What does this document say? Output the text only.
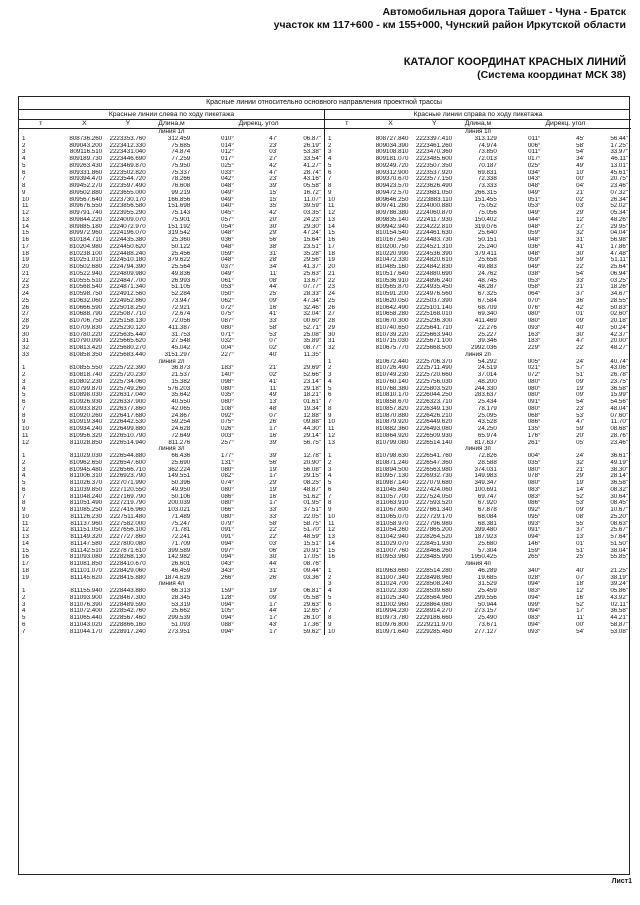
Автомобильная дорога Тайшет - Чуна - Братск
участок км 117+600 - км 155+000, Чунский район Иркутской области
КАТАЛОГ КООРДИНАТ КРАСНЫХ ЛИНИЙ
(Система координат МСК 38)
Красные линии относительно основного направления проектной трассы
Красные линии слева по ходу пикетажа						
т	X	Y	Длина,м	Дирекц. угол		
линия 1л						
1	808736.260	2223353.760	312.459	010°	47'	06.87"
2	809043.200	2223412.330	75.685	014°	23'	26.19"
3	809116.510	2223431.040	74.874	012°	03'	53.38"
4	809189.730	2223446.690	77.259	017°	27'	33.54"
5	809263.430	2223469.870	75.950	025°	42'	41.27"
6	809331.860	2223502.820	75.337	033°	47'	28.74"
7	809394.470	2223544.720	78.266	042°	23'	43.16"
8	809452.270	2223597.490	76.608	048°	39'	05.58"
9	809502.880	2223655.000	99.219	049°	15'	16.72"
10	809567.640	2223730.170	166.856	049°	15'	11.07"
11	809676.550	2223856.580	151.698	040°	35'	39.59"
12	809791.740	2223955.290	75.143	045°	42'	03.35"
13	809844.220	2224009.070	75.901	057°	20'	24.23"
14	809885.180	2224072.970	151.192	054°	30'	29.30"
15	809972.960	2224196.070	319.542	048°	29'	47.24"
16	810184.710	2224435.380	25.360	036°	56'	15.64"
17	810204.980	2224450.620	50.122	048°	38'	23.51"
18	810238.100	2224488.240	25.456	059°	31'	35.28"
19	810251.010	2224510.180	379.622	048°	28'	29.56"
20	810502.680	2224794.390	25.564	037°	34'	41.37"
21	810522.940	2224809.980	49.836	049°	11'	25.63"
22	810555.510	2224847.700	26.993	061°	08'	13.67"
23	810568.540	2224871.340	51.105	053°	44'	07.77"
24	810598.750	2224912.560	52.284	050°	25'	28.33"
25	810632.060	2224952.860	73.947	062°	09'	47.34"
26	810666.590	2225018.250	72.921	072°	16'	32.46"
27	810688.790	2225087.710	72.674	075°	41'	32.04"
28	810706.750	2225158.130	72.056	087°	33'	00.60"
29	810709.830	2225230.120	411.387	080°	58'	52.71"
30	810780.220	2225635.440	31.753	071°	53'	25.08"
31	810790.090	2225665.620	27.548	032°	07'	35.89"
32	810813.420	2225680.270	45.042	004°	02'	08.77"
33	810858.350	2225683.440	3151.297	227°	40'	11.35"
линия 2л						
1	810855.550	2225722.390	36.873	183°	21'	29.69"
2	810818.740	2225720.230	21.537	140°	02'	52.66"
3	810802.230	2225734.060	15.382	098°	41'	23.14"
4	810799.870	2225749.260	576.203	080°	11'	29.18"
5	810898.030	2226317.040	35.642	035°	49'	18.21"
6	810926.930	2226337.900	40.550	080°	13'	01.61"
7	810933.820	2226377.860	42.065	108°	48'	19.34"
8	810920.260	2226417.680	24.867	092°	07'	12.88"
9	810919.340	2226442.530	59.254	075°	26'	09.88"
10	810934.240	2226499.880	24.628	026°	17'	44.30"
11	810956.320	2226510.790	72.649	003°	16'	29.14"
12	811028.850	2226514.940	811.276	257°	39'	56.75"
линия 3л						
1	811029.030	2226544.880	66.436	177°	39'	12.78"
2	810962.650	2226547.600	25.690	131°	56'	20.90"
3	810945.480	2226566.710	362.224	080°	19'	56.08"
4	811006.310	2226923.790	149.551	082°	17'	29.15"
5	811026.370	2227071.990	50.396	074°	29'	08.25"
6	811039.850	2227120.550	49.950	080°	19'	48.87"
7	811048.240	2227169.790	50.106	086°	16'	51.62"
8	811051.490	2227219.790	200.039	080°	17'	01.95"
9	811085.250	2227416.960	103.021	066°	33'	37.51"
10	811126.230	2227511.480	71.489	080°	33'	22.05"
11	811137.960	2227582.000	75.247	079°	58'	58.75"
12	811151.050	2227656.100	71.781	091°	22'	51.70"
13	811149.320	2227727.860	72.241	091°	22'	48.59"
14	811147.580	2227800.080	71.709	094°	03'	15.51"
15	811142.510	2227871.610	399.589	097°	06'	20.91"
16	811093.080	2228268.130	142.982	094°	30'	17.05"
17	811081.850	2228410.670	26.601	043°	44'	08.76"
18	811101.070	2228429.060	46.459	343°	31'	09.44"
19	811145.620	2228415.880	1874.629	266°	26'	03.36"
линия 4л						
1	811155.940	2228443.880	66.313	159°	19'	06.81"
2	811093.900	2228467.300	28.345	128°	09'	05.58"
3	811076.390	2228489.590	53.319	094°	17'	29.63"
4	811072.400	2228542.760	25.662	105°	44'	12.65"
5	811065.440	2228567.460	299.539	094°	17'	26.10"
6	811043.020	2228866.160	51.093	088°	43'	17.36"
7	811044.170	2228917.240	273.951	094°	17'	59.62"
Красные линии справа по ходу пикетажа						
т	X	Y	Длина,м	Дирекц. угол		
линия 1п						
1	808727.840	2223397.410	313.129	011°	45'	56.44"
2	809034.390	2223461.260	74.974	006°	58'	17.25"
3	809108.810	2223470.360	73.850	011°	54'	33.97"
4	809181.070	2223485.600	72.013	017°	34'	46.11"
5	809249.720	2223507.350	70.187	025°	49'	13.01"
6	809312.900	2223537.920	69.831	034°	10'	45.61"
7	809370.670	2223577.150	72.338	043°	00'	20.75"
8	809423.570	2223626.490	73.333	048°	04'	23.46"
9	809472.570	2223681.050	266.315	049°	21'	07.32"
10	809646.250	2223883.110	151.455	051°	02'	26.34"
11	809741.280	2224000.880	75.052	053°	03'	52.02"
12	809786.380	2224060.870	75.056	049°	29'	05.34"
13	809835.140	2224117.930	150.402	044°	12'	48.26"
14	809942.940	2224222.810	319.076	048°	27'	29.95"
15	810154.540	2224461.630	25.640	059°	32'	04.04"
16	810167.540	2224483.730	50.151	048°	31'	56.98"
17	810200.750	2224521.310	25.240	036°	41'	17.86"
18	810220.990	2224536.390	379.411	048°	30'	47.48"
19	810472.330	2224820.610	25.658	059°	59'	51.11"
20	810485.160	2224842.830	49.883	049°	22'	25.64"
21	810517.640	2224880.690	24.762	038°	54'	06.94"
22	810536.910	2224896.240	48.745	053°	33'	03.25"
23	810565.870	2224935.450	48.287	058°	21'	18.26"
24	810591.200	2224976.560	67.325	064°	37'	34.67"
25	810620.050	2225037.390	67.584	070°	36'	28.55"
26	810642.490	2225101.140	68.709	076°	42'	50.83"
27	810658.280	2225168.010	69.340	080°	01'	02.60"
28	810670.300	2225236.300	411.469	080°	09'	20.18"
29	810740.650	2225641.710	22.276	093°	40'	50.24"
30	810739.220	2225663.940	25.227	163°	30'	42.37"
31	810715.030	2225671.100	39.346	183°	47'	20.00"
32	810675.770	2225668.500	2992.036	229°	22'	48.27"
линия 2п						
1	810672.440	2225706.370	54.292	005°	24'	40.74"
2	810726.490	2225711.490	24.519	021°	57'	43.06"
3	810749.230	2225720.660	37.014	072°	51'	26.78"
4	810760.140	2225756.030	48.200	080°	09'	23.75"
5	810768.380	2225803.520	244.330	080°	19'	36.58"
6	810810.170	2226044.250	283.637	080°	09'	15.99"
7	810858.670	2226323.710	25.434	091°	54'	54.56"
8	810857.820	2226349.130	78.179	080°	23'	48.04"
9	810870.880	2226426.210	25.095	068°	53'	07.60"
10	810879.920	2226449.620	43.528	086°	47'	11.70"
11	810882.360	2226493.080	24.250	135°	59'	08.68"
12	810864.920	2226509.930	65.974	176°	20'	28.76"
13	810799.080	2226514.140	817.637	261°	05'	23.46"
линия 3п						
1	810798.630	2226541.760	72.826	004°	24'	36.61"
2	810871.240	2226547.360	28.588	035°	32'	49.19"
3	810894.500	2226563.980	374.031	080°	21'	38.30"
4	810957.130	2226932.730	149.983	078°	29'	28.14"
5	810987.140	2227079.680	349.347	080°	19'	36.58"
6	811045.840	2227424.060	100.691	083°	14'	08.32"
7	811057.700	2227524.050	69.747	083°	52'	30.64"
8	811063.910	2227593.520	67.920	086°	53'	08.45"
9	811067.600	2227661.340	67.878	092°	09'	10.67"
10	811065.070	2227729.170	68.084	095°	08'	25.20"
11	811058.970	2227796.980	68.381	093°	55'	08.63"
12	811054.260	2227865.200	399.480	091°	37'	25.67"
13	811042.940	2228264.520	187.923	094°	13'	57.64"
14	811029.070	2228451.930	25.680	146°	01'	51.50"
15	811007.760	2228466.260	57.304	159°	51'	38.04"
16	810953.960	2228485.990	1950.425	265°	25'	55.85"
линия 4п						
1	810963.660	2228514.280	46.289	340°	40'	21.25"
2	811007.340	2228498.960	19.685	028°	07'	38.19"
3	811024.700	2228508.240	31.529	094°	18'	39.24"
4	811022.330	2228539.680	25.459	083°	12'	05.86"
5	811025.340	2228564.960	299.556	094°	16'	43.92"
6	811002.960	2228864.080	50.944	099°	52'	02.11"
7	810994.230	2228914.270	273.157	094°	17'	36.58"
8	810973.780	2229186.660	25.490	083°	11'	44.21"
9	810976.800	2229211.970	73.671	094°	00'	58.87"
10	810971.640	2229285.460	277.127	093°	54'	53.08"
Лист1
